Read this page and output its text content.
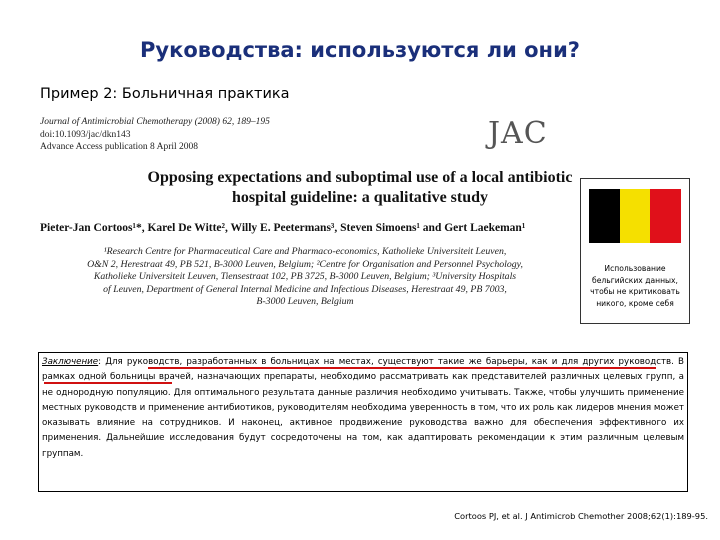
Руководства: используются ли они?
Пример 2: Больничная практика
Journal of Antimicrobial Chemotherapy (2008) 62, 189–195
doi:10.1093/jac/dkn143
Advance Access publication 8 April 2008	JAC
Opposing expectations and suboptimal use of a local antibiotic
hospital guideline: a qualitative study
Pieter-Jan Cortoos¹*, Karel De Witte², Willy E. Peetermans³, Steven Simoens¹ and Gert Laekeman¹
¹Research Centre for Pharmaceutical Care and Pharmaco-economics, Katholieke Universiteit Leuven,
O&N 2, Herestraat 49, PB 521, B-3000 Leuven, Belgium; ²Centre for Organisation and Personnel Psychology,
Katholieke Universiteit Leuven, Tiensestraat 102, PB 3725, B-3000 Leuven, Belgium; ³University Hospitals
of Leuven, Department of General Internal Medicine and Infectious Diseases, Herestraat 49, PB 7003,
B-3000 Leuven, Belgium
Использование бельгийских данных, чтобы не критиковать никого, кроме себя

Заключение: Для руководств, разработанных в больницах на местах, существуют такие же барьеры, как и для других руководств. В рамках одной больницы врачей, назначающих препараты, необходимо рассматривать как представителей различных целевых групп, а не однородную популяцию. Для оптимального результата данные различия необходимо учитывать. Также, чтобы улучшить применение местных руководств и применение антибиотиков, руководителям необходима уверенность в том, что их роль как лидеров мнения может оказывать влияние на сотрудников. И наконец, активное продвижение руководства важно для обеспечения эффективного их применения. Дальнейшие исследования будут сосредоточены на том, как адаптировать рекомендации к этим различным целевым группам.

Cortoos PJ, et al. J Antimicrob Chemother 2008;62(1):189-95.
